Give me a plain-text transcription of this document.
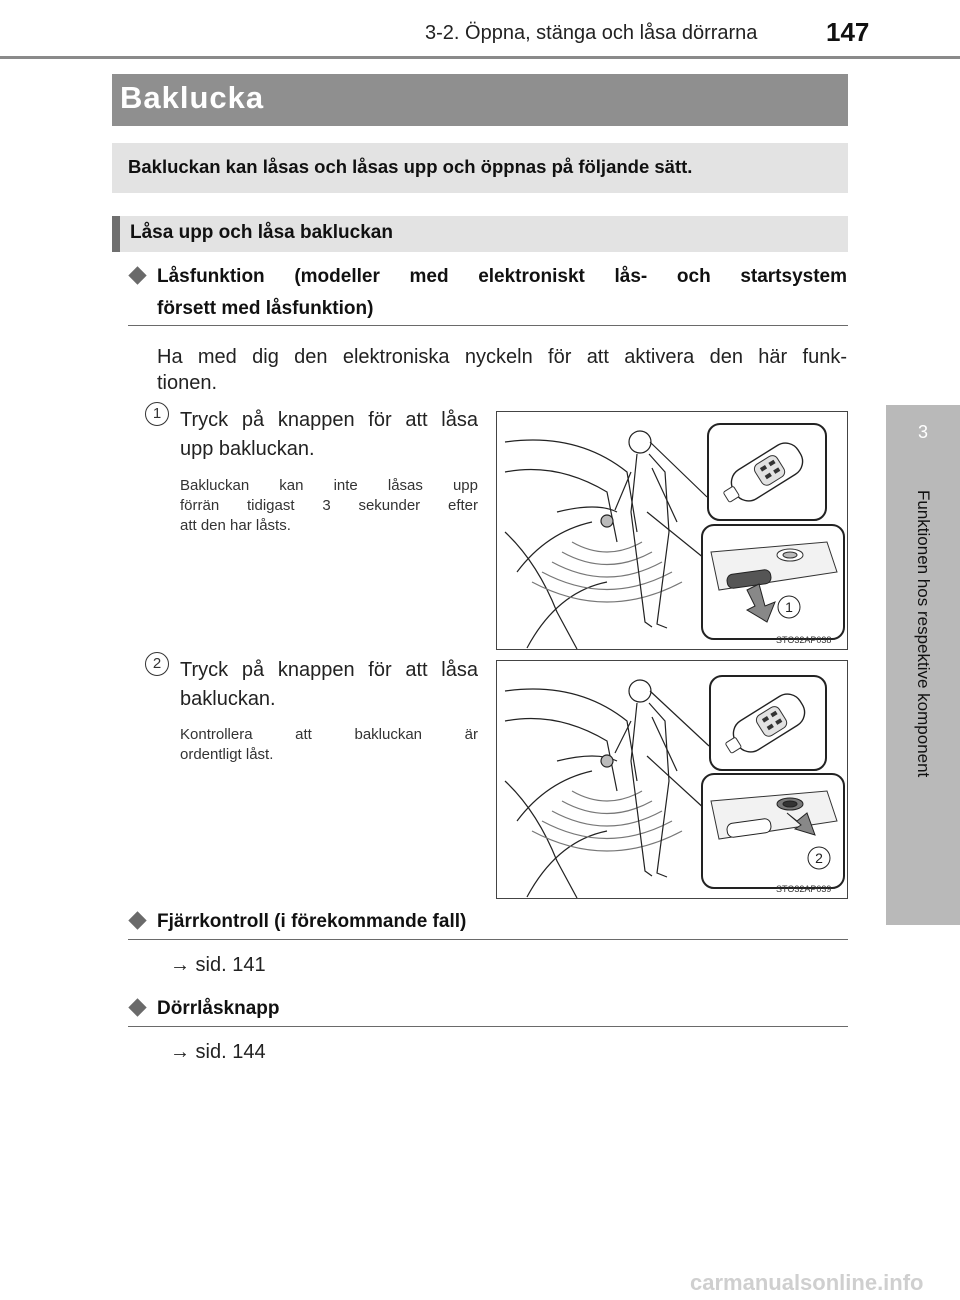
3-2. Öppna, stänga och låsa dörrarna	147
3
Funktionen hos respektive komponent
Baklucka
Bakluckan kan låsas och låsas upp och öppnas på följande sätt.
Låsa upp och låsa bakluckan
Låsfunktion (modeller med elektroniskt lås- och startsystem
försett med låsfunktion)
Ha med dig den elektroniska nyckeln för att aktivera den här funk-
tionen.
1 Tryck på knappen för att låsa
upp bakluckan.
Bakluckan kan inte låsas upp
förrän tidigast 3 sekunder efter
att den har låsts.
1
STO32AP038
2 Tryck på knappen för att låsa
bakluckan.
Kontrollera att bakluckan är
ordentligt låst.
2
STO32AP039
Fjärrkontroll (i förekommande fall)
→ sid. 141
Dörrlåsknapp
→ sid. 144
carmanualsonline.info
